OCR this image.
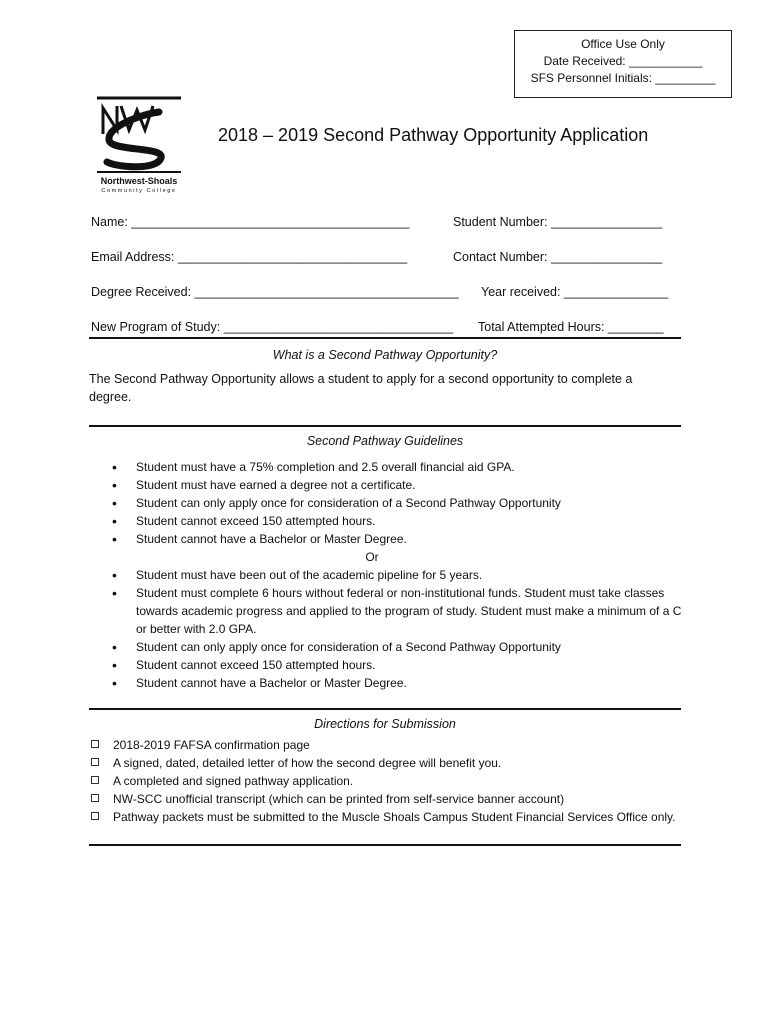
Office Use Only
Date Received: ___________
SFS Personnel Initials: _________
Northwest-Shoals
Community College
2018 – 2019 Second Pathway Opportunity Application
Name: ________________________________________	Student Number: ________________
Email Address: _________________________________	Contact Number: ________________
Degree Received: ______________________________________ Year received: _______________
New Program of Study: _________________________________ Total Attempted Hours: ________
What is a Second Pathway Opportunity?
The Second Pathway Opportunity allows a student to apply for a second opportunity to complete a degree.
Second Pathway Guidelines
• Student must have a 75% completion and 2.5 overall financial aid GPA.
• Student must have earned a degree not a certificate.
• Student can only apply once for consideration of a Second Pathway Opportunity
• Student cannot exceed 150 attempted hours.
• Student cannot have a Bachelor or Master Degree.
Or
• Student must have been out of the academic pipeline for 5 years.
• Student must complete 6 hours without federal or non-institutional funds. Student must take classes towards academic progress and applied to the program of study. Student must make a minimum of a C or better with 2.0 GPA.
• Student can only apply once for consideration of a Second Pathway Opportunity
• Student cannot exceed 150 attempted hours.
• Student cannot have a Bachelor or Master Degree.
Directions for Submission
2018-2019 FAFSA confirmation page
A signed, dated, detailed letter of how the second degree will benefit you.
A completed and signed pathway application.
NW-SCC unofficial transcript (which can be printed from self-service banner account)
Pathway packets must be submitted to the Muscle Shoals Campus Student Financial Services Office only.
